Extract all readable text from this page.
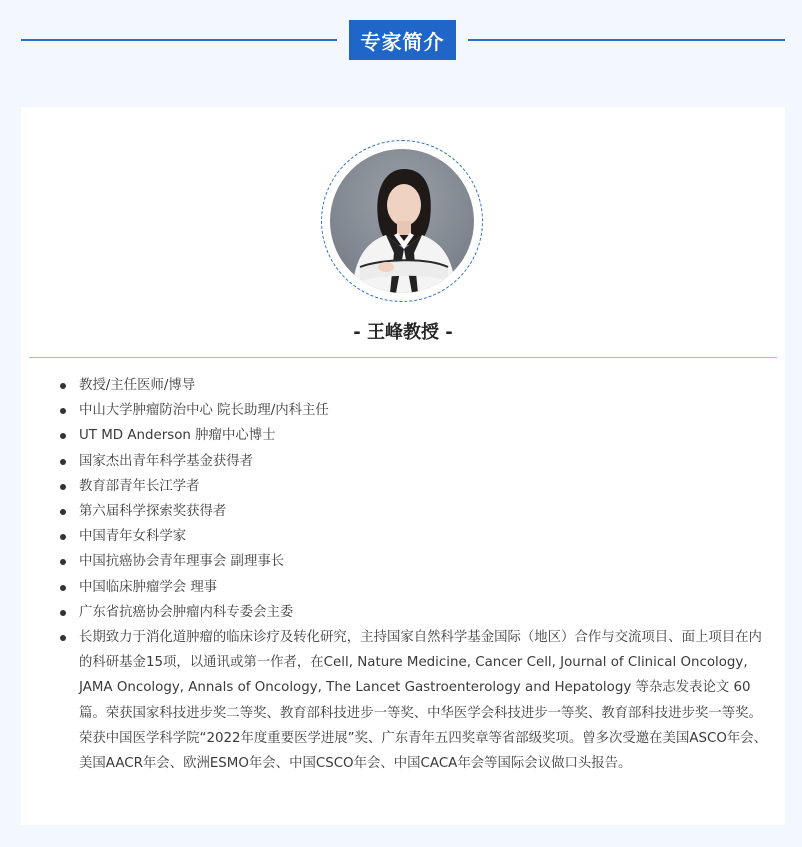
专家简介
- 王峰教授 -
教授/主任医师/博导
中山大学肿瘤防治中心 院长助理/内科主任
UT MD Anderson 肿瘤中心博士
国家杰出青年科学基金获得者
教育部青年长江学者
第六届科学探索奖获得者
中国青年女科学家
中国抗癌协会青年理事会 副理事长
中国临床肿瘤学会 理事
广东省抗癌协会肿瘤内科专委会主委
长期致力于消化道肿瘤的临床诊疗及转化研究，主持国家自然科学基金国际（地区）合作与交流项目、面上项目在内的科研基金15项，以通讯或第一作者，在Cell, Nature Medicine, Cancer Cell, Journal of Clinical Oncology, JAMA Oncology, Annals of Oncology, The Lancet Gastroenterology and Hepatology 等杂志发表论文 60 篇。荣获国家科技进步奖二等奖、教育部科技进步一等奖、中华医学会科技进步一等奖、教育部科技进步奖一等奖。荣获中国医学科学院“2022年度重要医学进展”奖、广东青年五四奖章等省部级奖项。曾多次受邀在美国ASCO年会、美国AACR年会、欧洲ESMO年会、中国CSCO年会、中国CACA年会等国际会议做口头报告。
